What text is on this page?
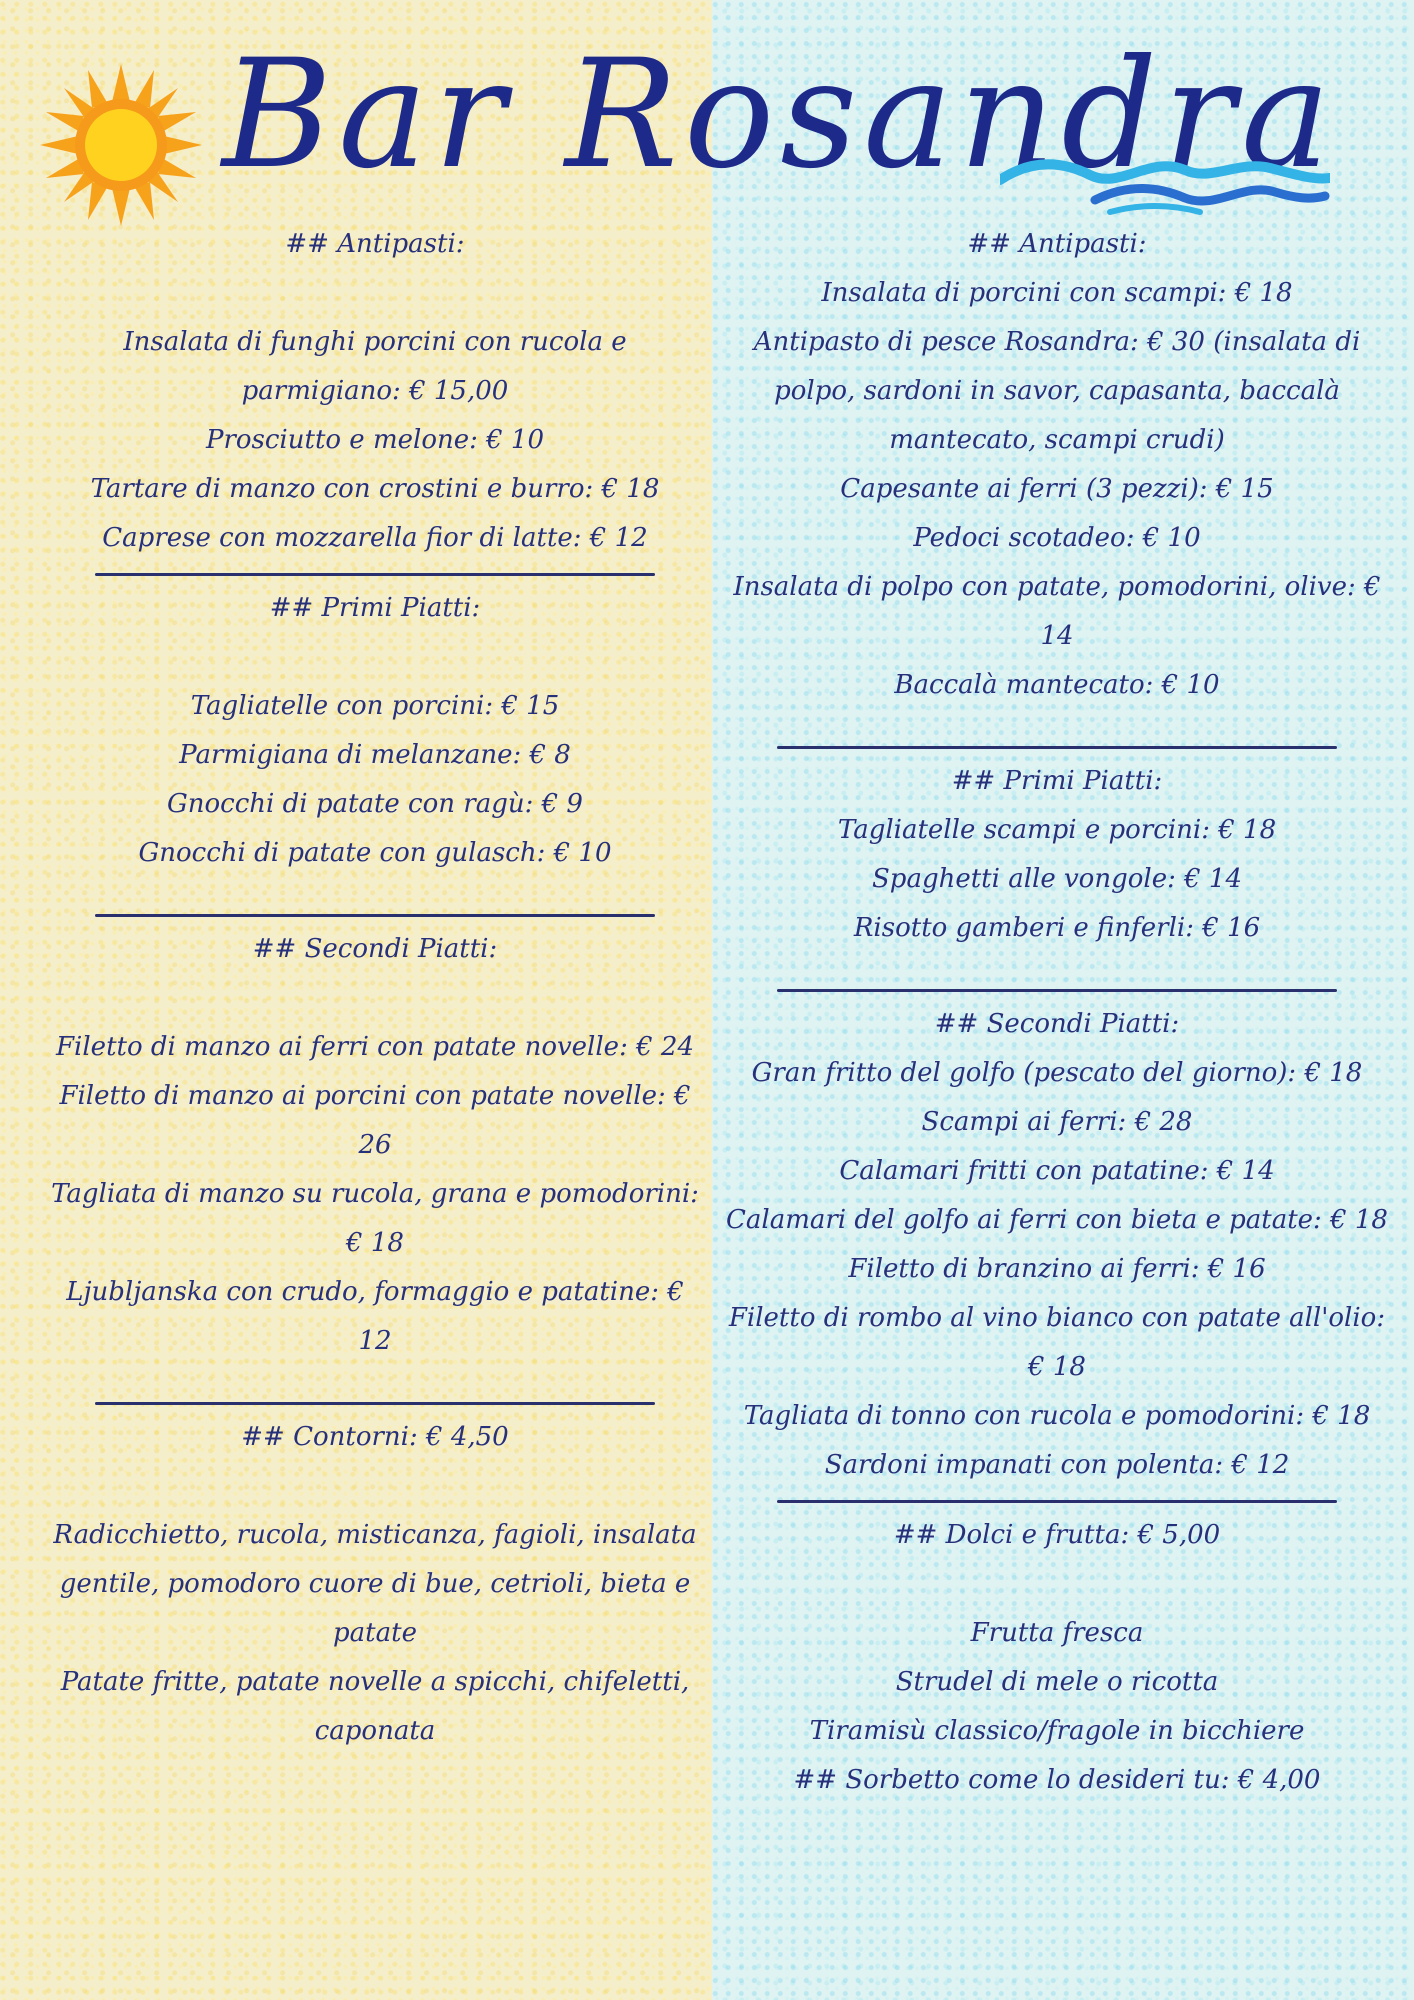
Bar Rosandra

## Antipasti:

Insalata di funghi porcini con rucola e parmigiano: € 15,00

Prosciutto e melone: € 10

Tartare di manzo con crostini e burro: € 18

Caprese con mozzarella fior di latte: € 12

## Primi Piatti:

Tagliatelle con porcini: € 15

Parmigiana di melanzane: € 8

Gnocchi di patate con ragù: € 9

Gnocchi di patate con gulasch: € 10

## Secondi Piatti:

Filetto di manzo ai ferri con patate novelle: € 24

Filetto di manzo ai porcini con patate novelle: € 26

Tagliata di manzo su rucola, grana e pomodorini: € 18

Ljubljanska con crudo, formaggio e patatine: € 12

## Contorni: € 4,50

Radicchietto, rucola, misticanza, fagioli, insalata gentile, pomodoro cuore di bue, cetrioli, bieta e patate

Patate fritte, patate novelle a spicchi, chifeletti, caponata

## Antipasti:

Insalata di porcini con scampi: € 18

Antipasto di pesce Rosandra: € 30 (insalata di polpo, sardoni in savor, capasanta, baccalà mantecato, scampi crudi)

Capesante ai ferri (3 pezzi): € 15

Pedoci scotadeo: € 10

Insalata di polpo con patate, pomodorini, olive: € 14

Baccalà mantecato: € 10

## Primi Piatti:

Tagliatelle scampi e porcini: € 18

Spaghetti alle vongole: € 14

Risotto gamberi e finferli: € 16

## Secondi Piatti:

Gran fritto del golfo (pescato del giorno): € 18

Scampi ai ferri: € 28

Calamari fritti con patatine: € 14

Calamari del golfo ai ferri con bieta e patate: € 18

Filetto di branzino ai ferri: € 16

Filetto di rombo al vino bianco con patate all'olio: € 18

Tagliata di tonno con rucola e pomodorini: € 18

Sardoni impanati con polenta: € 12

## Dolci e frutta: € 5,00

Frutta fresca

Strudel di mele o ricotta

Tiramisù classico/fragole in bicchiere

## Sorbetto come lo desideri tu: € 4,00
